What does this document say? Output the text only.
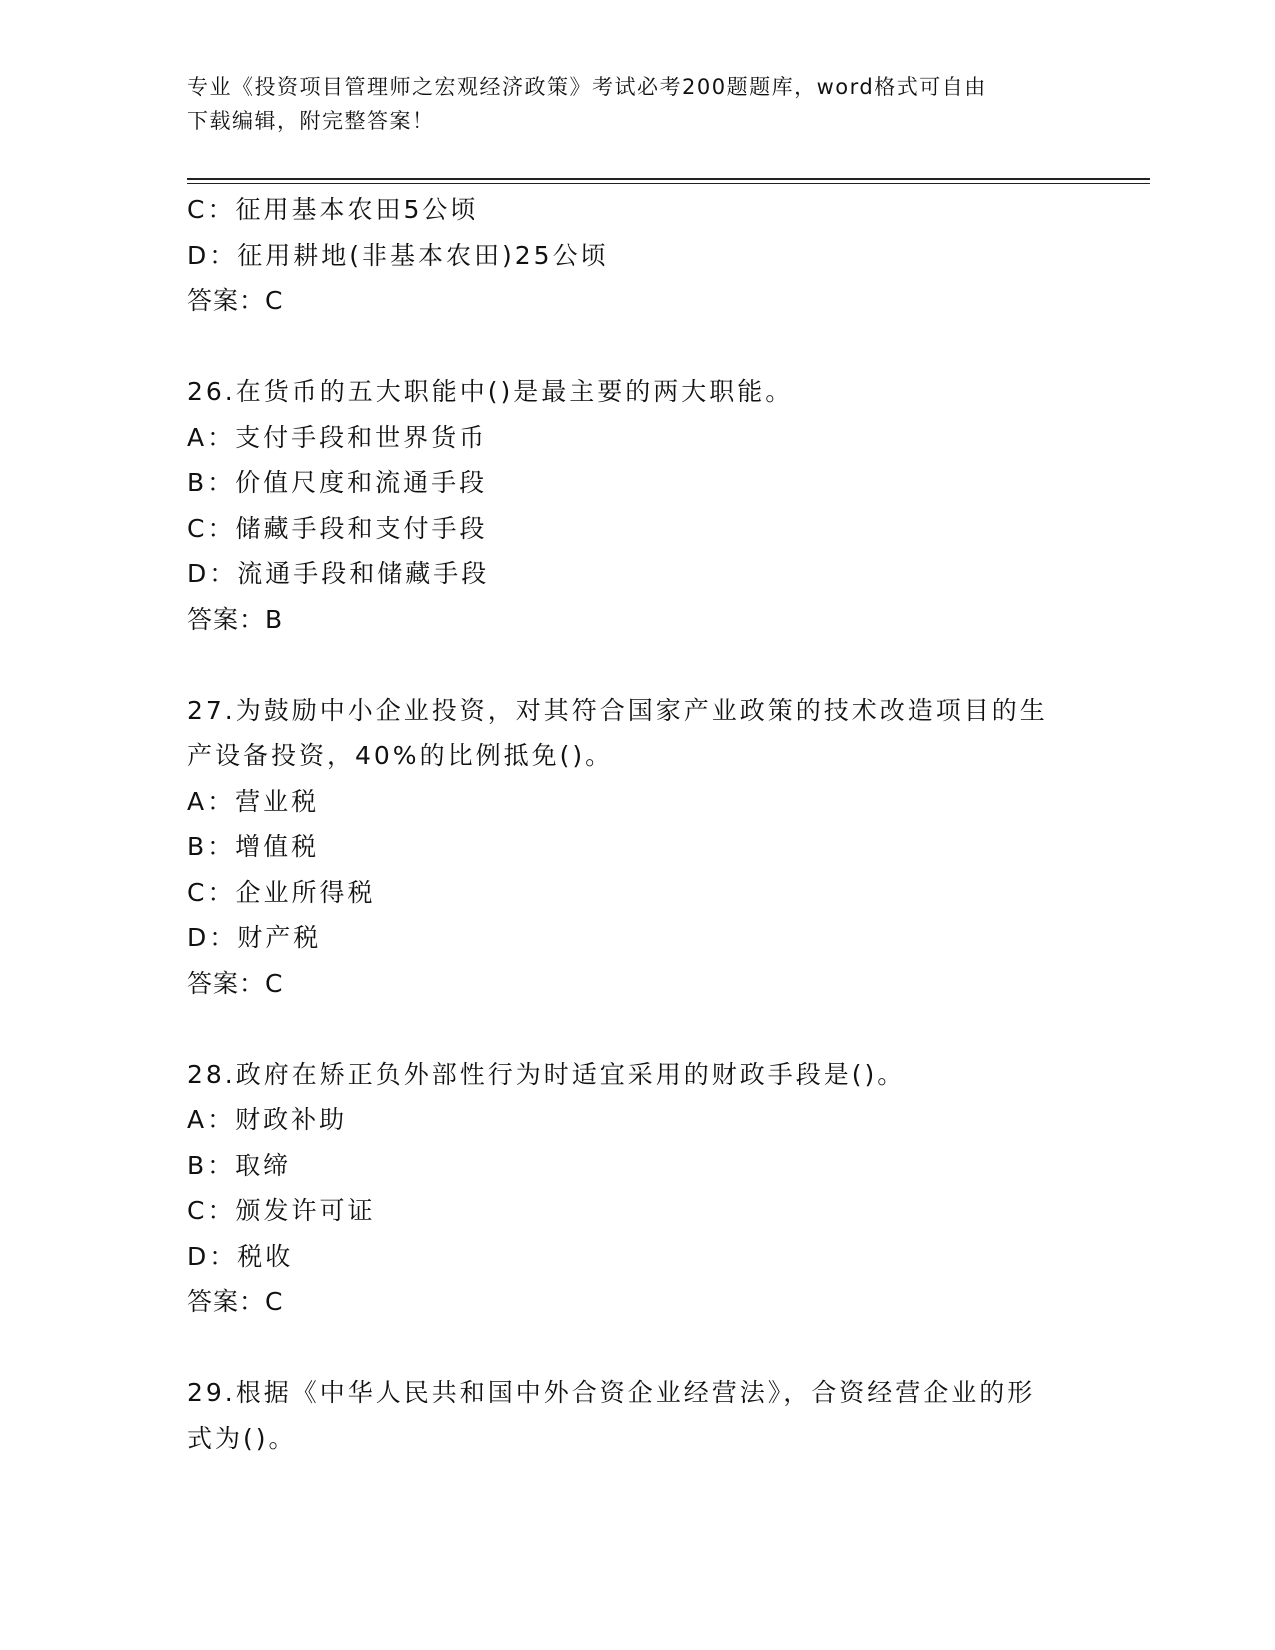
专业《投资项目管理师之宏观经济政策》考试必考200题题库，word格式可自由
下载编辑，附完整答案！
C：征用基本农田5公顷
D：征用耕地(非基本农田)25公顷
答案：C
26.在货币的五大职能中()是最主要的两大职能。
A：支付手段和世界货币
B：价值尺度和流通手段
C：储藏手段和支付手段
D：流通手段和储藏手段
答案：B
27.为鼓励中小企业投资，对其符合国家产业政策的技术改造项目的生
产设备投资，40%的比例抵免()。
A：营业税
B：增值税
C：企业所得税
D：财产税
答案：C
28.政府在矫正负外部性行为时适宜采用的财政手段是()。
A：财政补助
B：取缔
C：颁发许可证
D：税收
答案：C
29.根据《中华人民共和国中外合资企业经营法》，合资经营企业的形
式为()。
